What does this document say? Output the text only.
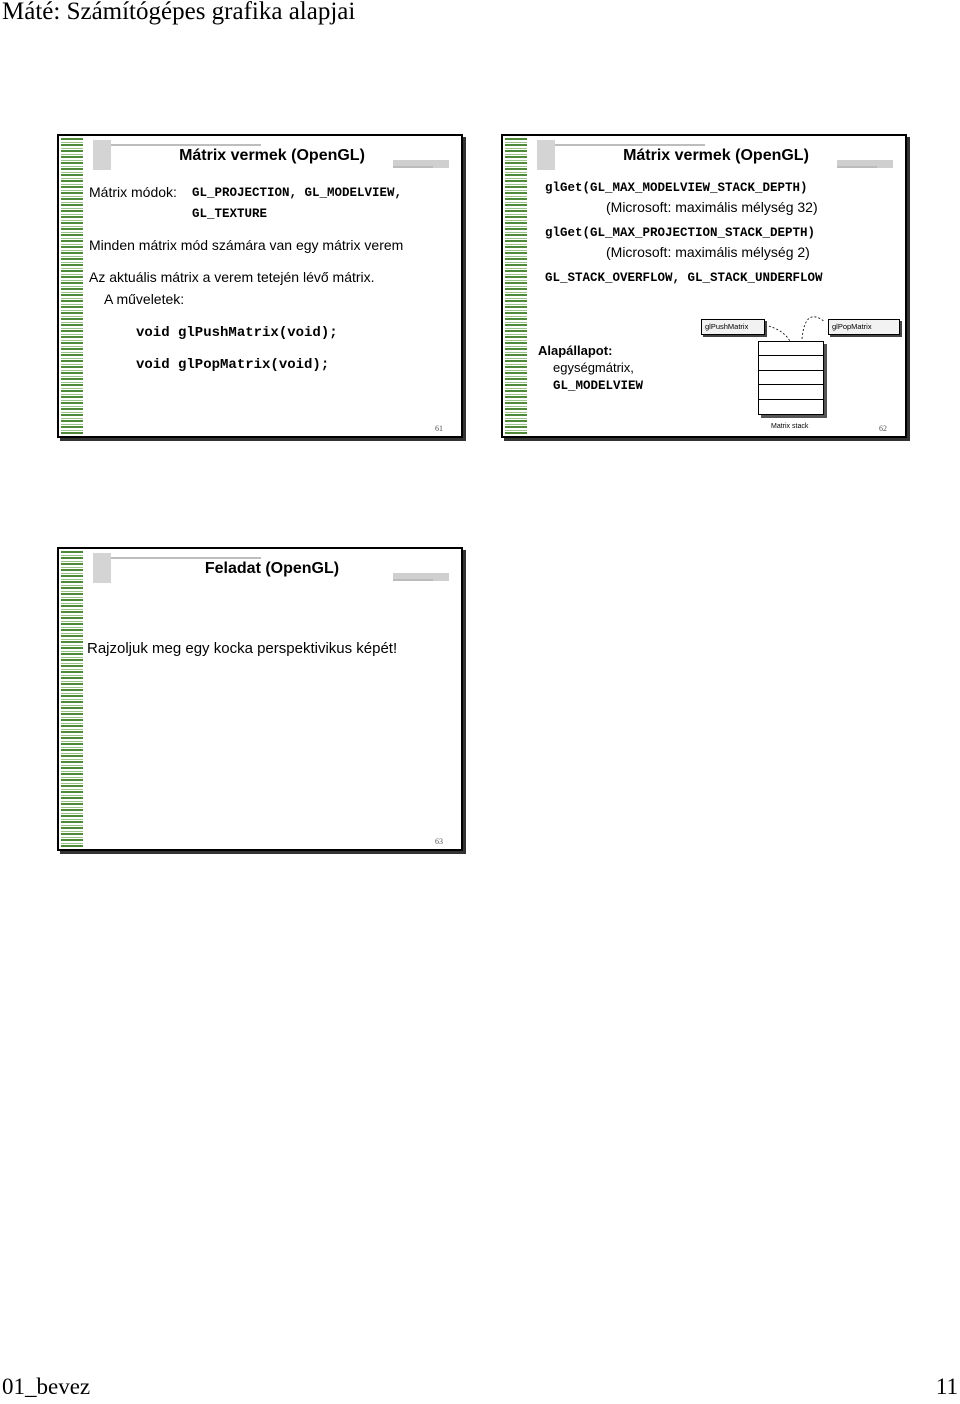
Máté: Számítógépes grafika alapjai
Mátrix vermek (OpenGL)
Mátrix módok: GL_PROJECTION, GL_MODELVIEW,
GL_TEXTURE
Minden mátrix mód számára van egy mátrix verem
Az aktuális mátrix a verem tetején lévő mátrix.
A műveletek:
void glPushMatrix(void);
void glPopMatrix(void);
61
Mátrix vermek (OpenGL)
glGet(GL_MAX_MODELVIEW_STACK_DEPTH)
(Microsoft: maximális mélység 32)
glGet(GL_MAX_PROJECTION_STACK_DEPTH)
(Microsoft: maximális mélység 2)
GL_STACK_OVERFLOW, GL_STACK_UNDERFLOW
Alapállapot:
egységmátrix,
GL_MODELVIEW
glPushMatrix	glPopMatrix
Matrix stack	62
Feladat (OpenGL)
Rajzoljuk meg egy kocka perspektivikus képét!
63
01_bevez	11
